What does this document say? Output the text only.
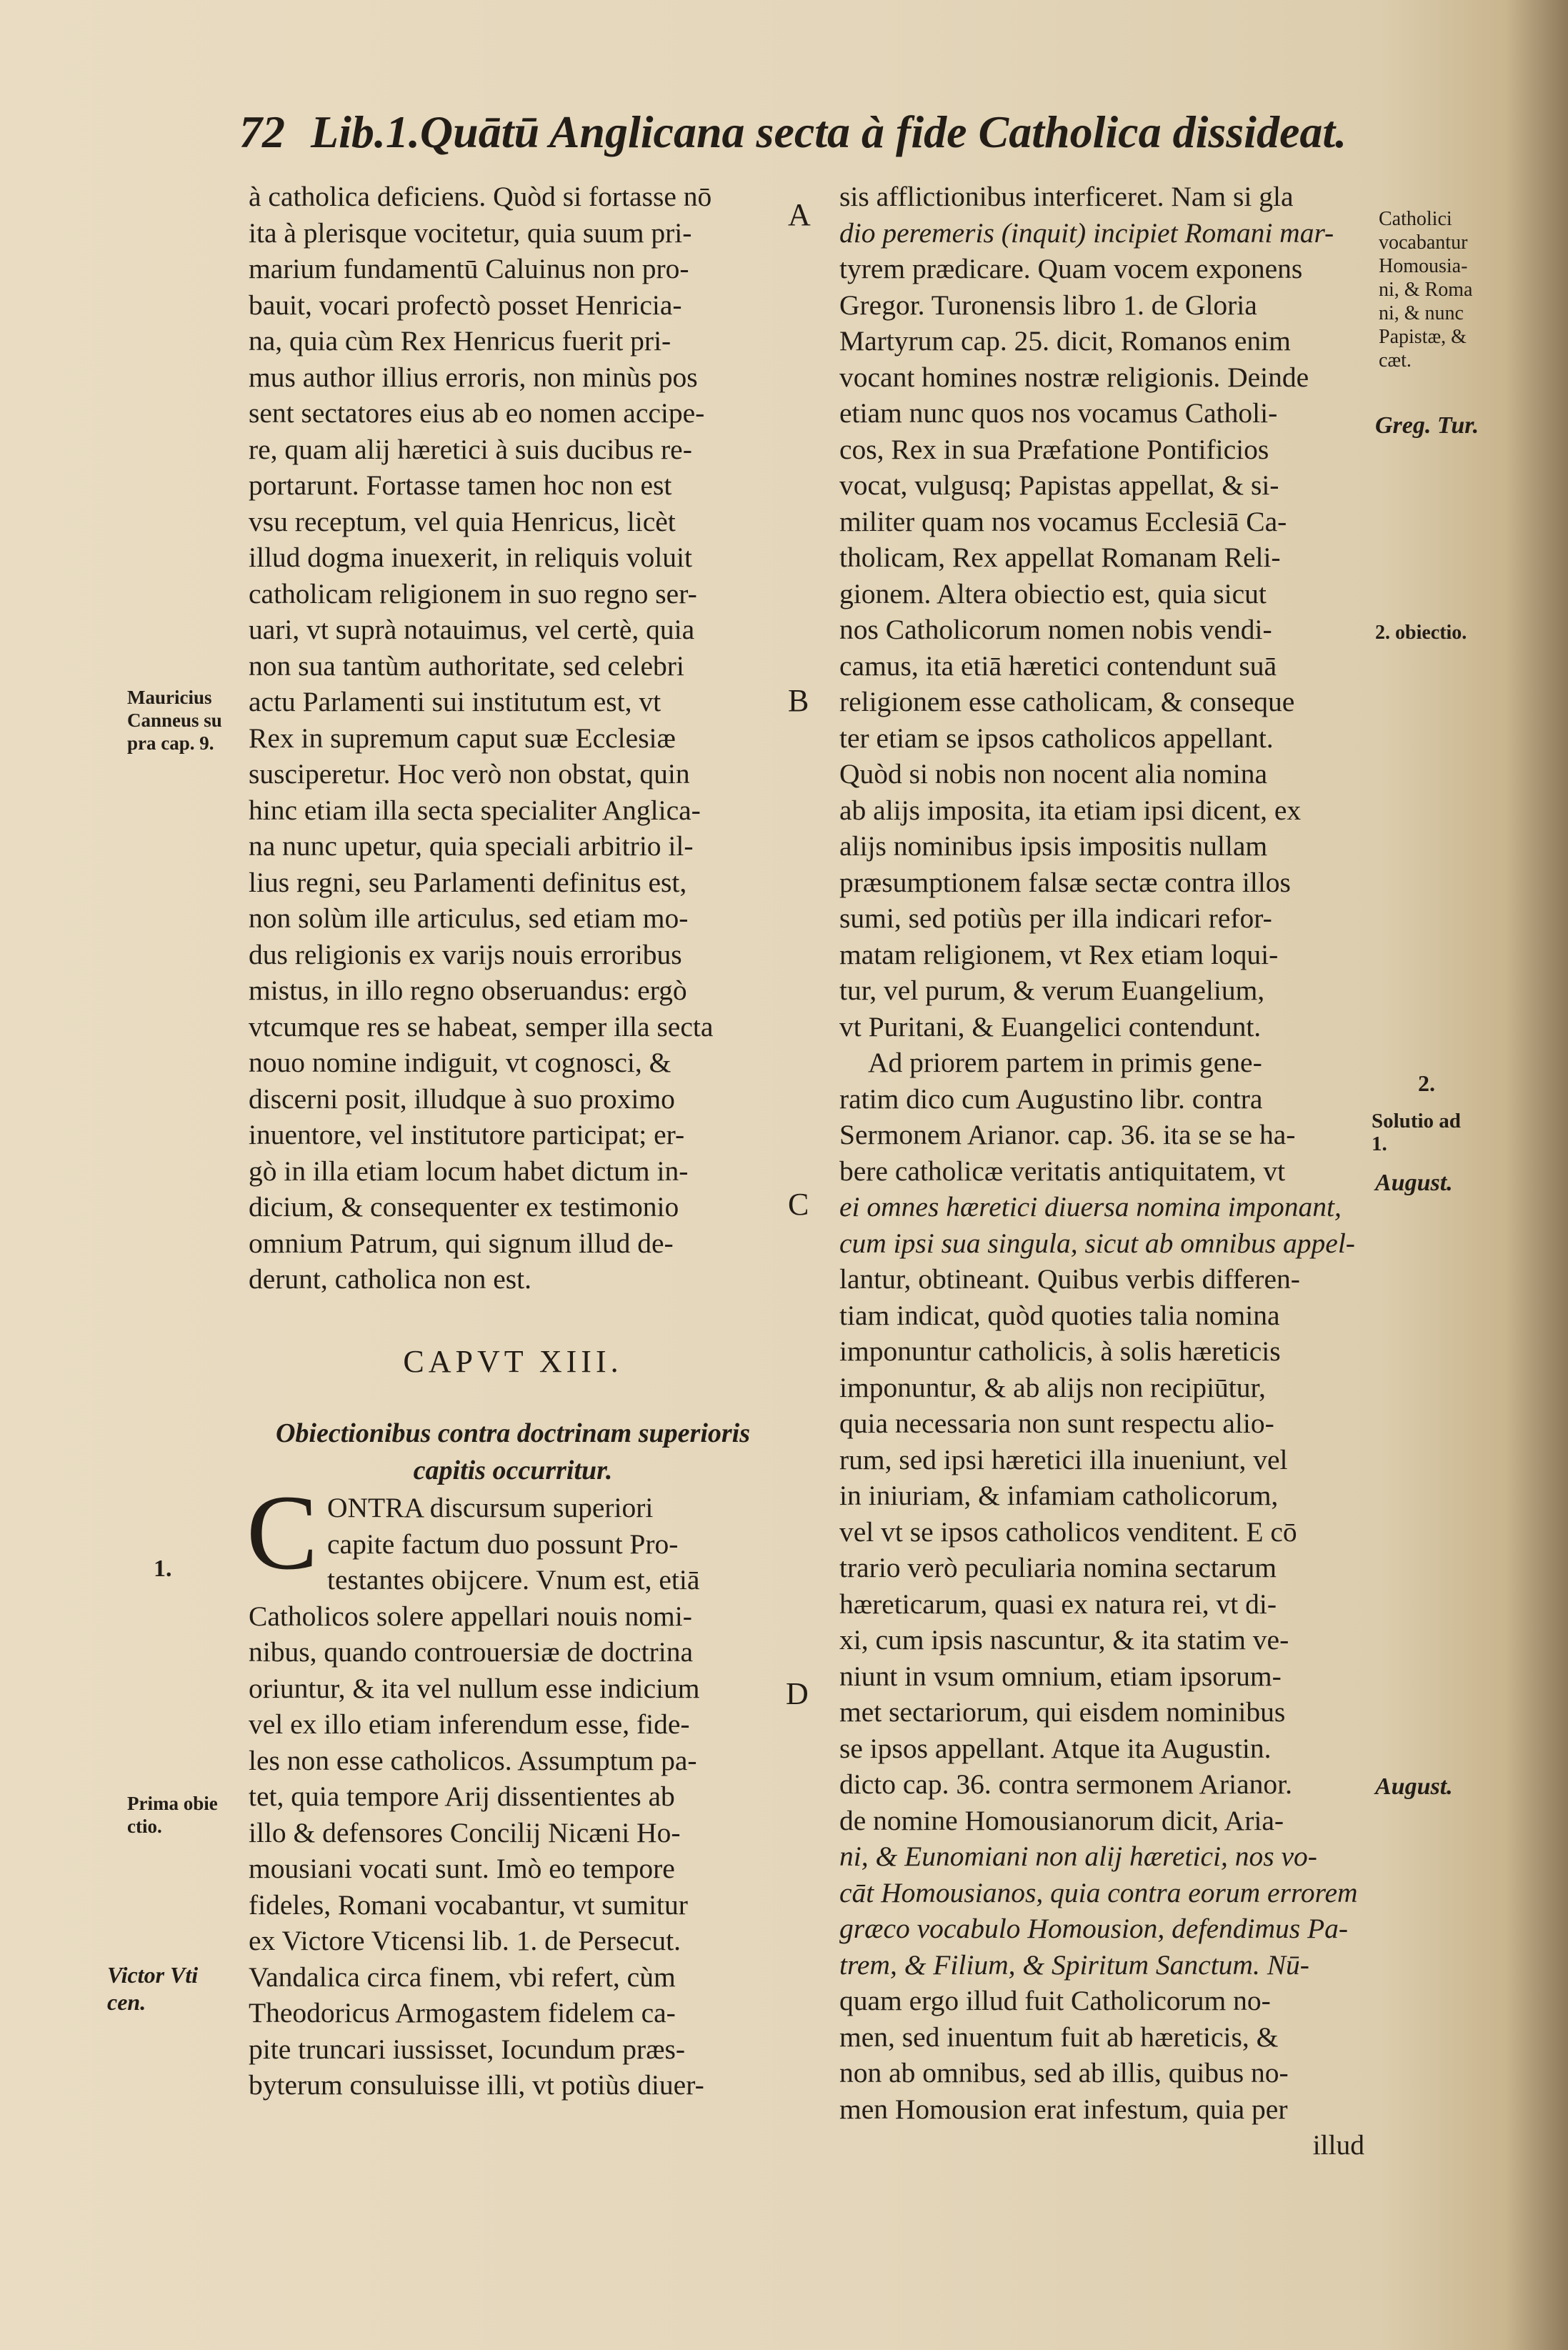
72 Lib.1.Quātū Anglicana secta à fide Catholica dissideat.
à catholica deficiens. Quòd si fortasse nō
ita à plerisque vocitetur, quia suum pri-
marium fundamentū Caluinus non pro-
bauit, vocari profectò posset Henricia-
na, quia cùm Rex Henricus fuerit pri-
mus author illius erroris, non minùs pos
sent sectatores eius ab eo nomen accipe-
re, quam alij hæretici à suis ducibus re-
portarunt. Fortasse tamen hoc non est
vsu receptum, vel quia Henricus, licèt
illud dogma inuexerit, in reliquis voluit
catholicam religionem in suo regno ser-
uari, vt suprà notauimus, vel certè, quia
non sua tantùm authoritate, sed celebri
actu Parlamenti sui institutum est, vt
Rex in supremum caput suæ Ecclesiæ
susciperetur. Hoc verò non obstat, quin
hinc etiam illa secta specialiter Anglica-
na nunc upetur, quia speciali arbitrio il-
lius regni, seu Parlamenti definitus est,
non solùm ille articulus, sed etiam mo-
dus religionis ex varijs nouis erroribus
mistus, in illo regno obseruandus: ergò
vtcumque res se habeat, semper illa secta
nouo nomine indiguit, vt cognosci, &
discerni posit, illudque à suo proximo
inuentore, vel institutore participat; er-
gò in illa etiam locum habet dictum in-
dicium, & consequenter ex testimonio
omnium Patrum, qui signum illud de-
derunt, catholica non est.
CAPVT XIII.
Obiectionibus contra doctrinam superioris
capitis occurritur.
C ONTRA discursum superiori
capite factum duo possunt Pro-
testantes obijcere. Vnum est, etiā
Catholicos solere appellari nouis nomi-
nibus, quando controuersiæ de doctrina
oriuntur, & ita vel nullum esse indicium
vel ex illo etiam inferendum esse, fide-
les non esse catholicos. Assumptum pa-
tet, quia tempore Arij dissentientes ab
illo & defensores Concilij Nicæni Ho-
mousiani vocati sunt. Imò eo tempore
fideles, Romani vocabantur, vt sumitur
ex Victore Vticensi lib. 1. de Persecut.
Vandalica circa finem, vbi refert, cùm
Theodoricus Armogastem fidelem ca-
pite truncari iussisset, Iocundum præs-
byterum consuluisse illi, vt potiùs diuer-
sis afflictionibus interficeret. Nam si gla
dio peremeris (inquit) incipiet Romani mar-
tyrem prædicare. Quam vocem exponens
Gregor. Turonensis libro 1. de Gloria
Martyrum cap. 25. dicit, Romanos enim
vocant homines nostræ religionis. Deinde
etiam nunc quos nos vocamus Catholi-
cos, Rex in sua Præfatione Pontificios
vocat, vulgusq; Papistas appellat, & si-
militer quam nos vocamus Ecclesiā Ca-
tholicam, Rex appellat Romanam Reli-
gionem. Altera obiectio est, quia sicut
nos Catholicorum nomen nobis vendi-
camus, ita etiā hæretici contendunt suā
religionem esse catholicam, & conseque
ter etiam se ipsos catholicos appellant.
Quòd si nobis non nocent alia nomina
ab alijs imposita, ita etiam ipsi dicent, ex
alijs nominibus ipsis impositis nullam
præsumptionem falsæ sectæ contra illos
sumi, sed potiùs per illa indicari refor-
matam religionem, vt Rex etiam loqui-
tur, vel purum, & verum Euangelium,
vt Puritani, & Euangelici contendunt.
Ad priorem partem in primis gene-
ratim dico cum Augustino libr. contra
Sermonem Arianor. cap. 36. ita se se ha-
bere catholicæ veritatis antiquitatem, vt
ei omnes hæretici diuersa nomina imponant,
cum ipsi sua singula, sicut ab omnibus appel-
lantur, obtineant. Quibus verbis differen-
tiam indicat, quòd quoties talia nomina
imponuntur catholicis, à solis hæreticis
imponuntur, & ab alijs non recipiūtur,
quia necessaria non sunt respectu alio-
rum, sed ipsi hæretici illa inueniunt, vel
in iniuriam, & infamiam catholicorum,
vel vt se ipsos catholicos venditent. E cō
trario verò peculiaria nomina sectarum
hæreticarum, quasi ex natura rei, vt di-
xi, cum ipsis nascuntur, & ita statim ve-
niunt in vsum omnium, etiam ipsorum-
met sectariorum, qui eisdem nominibus
se ipsos appellant. Atque ita Augustin.
dicto cap. 36. contra sermonem Arianor.
de nomine Homousianorum dicit, Aria-
ni, & Eunomiani non alij hæretici, nos vo-
cāt Homousianos, quia contra eorum errorem
græco vocabulo Homousion, defendimus Pa-
trem, & Filium, & Spiritum Sanctum. Nū-
quam ergo illud fuit Catholicorum no-
men, sed inuentum fuit ab hæreticis, &
non ab omnibus, sed ab illis, quibus no-
men Homousion erat infestum, quia per
illud
A
B
C
D
Mauricius
Canneus su
pra cap. 9.
1.
Prima obie
ctio.
Victor Vti
cen.
Catholici
vocabantur
Homousia-
ni, & Roma
ni, & nunc
Papistæ, &
cæt.
Greg. Tur.
2. obiectio.
2.
Solutio ad
1.
August.
August.
